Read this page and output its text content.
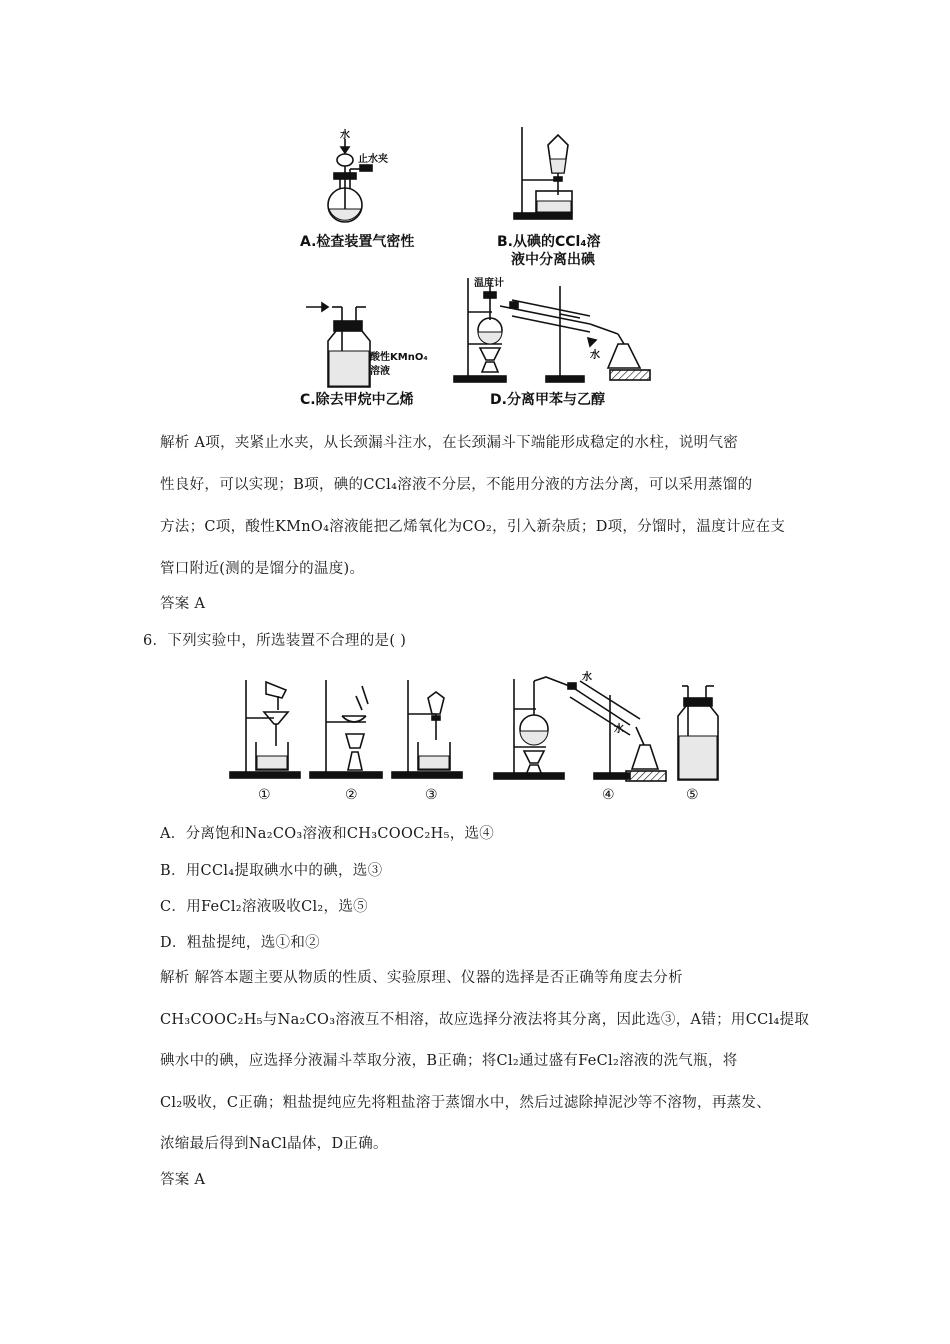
水
止水夹
A.检查装置气密性	B.从碘的CCl₄溶
液中分离出碘
酸性KMnO₄
溶液
C.除去甲烷中乙烯
温度计
水
D.分离甲苯与乙醇
解析 A项，夹紧止水夹，从长颈漏斗注水，在长颈漏斗下端能形成稳定的水柱，说明气密
性良好，可以实现；B项，碘的CCl₄溶液不分层，不能用分液的方法分离，可以采用蒸馏的
方法；C项，酸性KMnO₄溶液能把乙烯氧化为CO₂，引入新杂质；D项，分馏时，温度计应在支
管口附近(测的是馏分的温度)。
答案 A
6．下列实验中，所选装置不合理的是( )
水
水
①	②	③	④	⑤
A．分离饱和Na₂CO₃溶液和CH₃COOC₂H₅，选④
B．用CCl₄提取碘水中的碘，选③
C．用FeCl₂溶液吸收Cl₂，选⑤
D．粗盐提纯，选①和②
解析 解答本题主要从物质的性质、实验原理、仪器的选择是否正确等角度去分析
CH₃COOC₂H₅与Na₂CO₃溶液互不相溶，故应选择分液法将其分离，因此选③，A错；用CCl₄提取
碘水中的碘，应选择分液漏斗萃取分液，B正确；将Cl₂通过盛有FeCl₂溶液的洗气瓶，将
Cl₂吸收，C正确；粗盐提纯应先将粗盐溶于蒸馏水中，然后过滤除掉泥沙等不溶物，再蒸发、
浓缩最后得到NaCl晶体，D正确。
答案 A
